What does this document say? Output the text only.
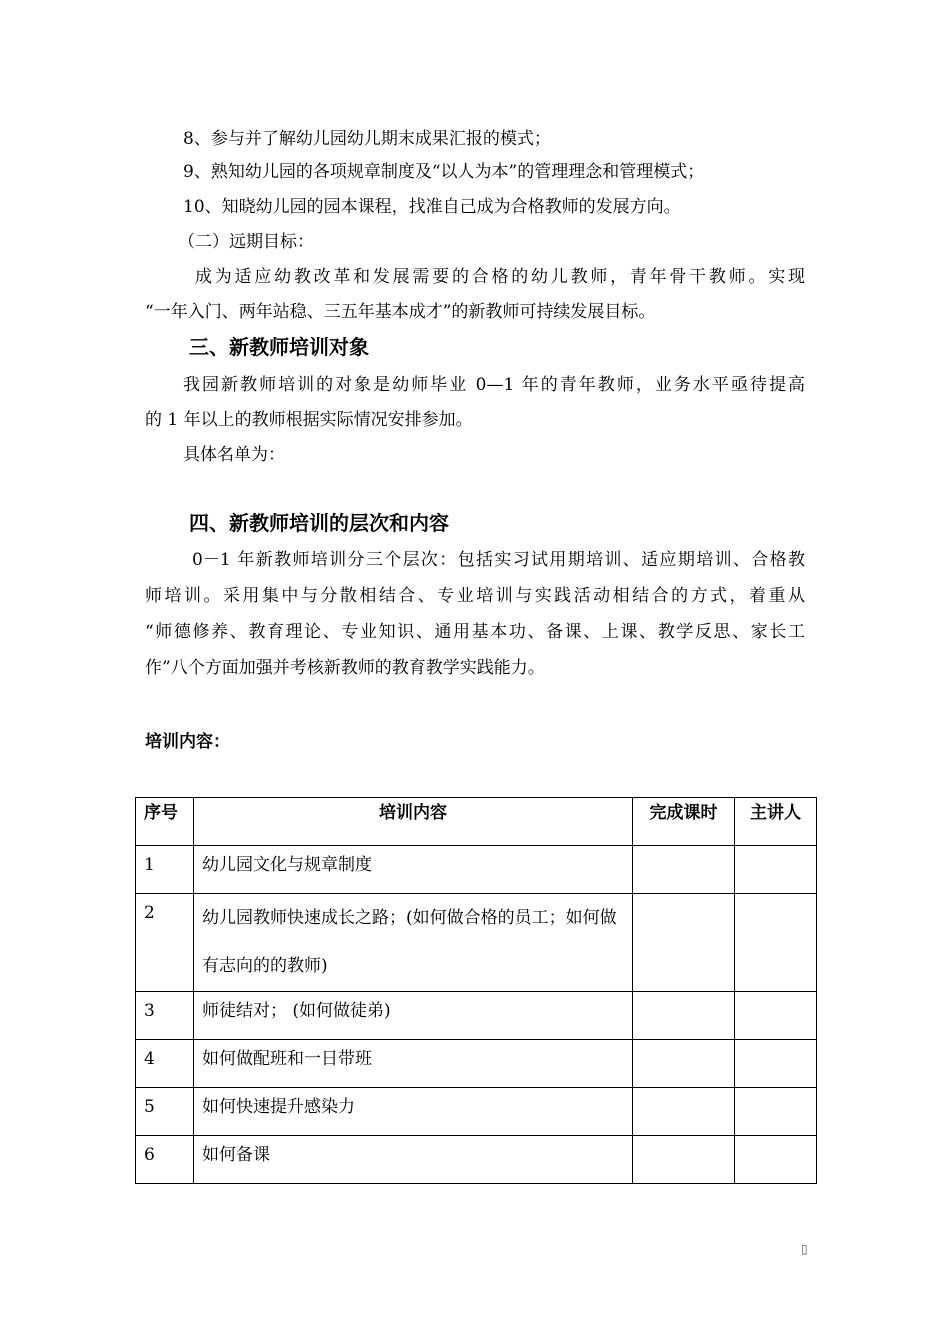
8、参与并了解幼儿园幼儿期末成果汇报的模式；
9、熟知幼儿园的各项规章制度及“以人为本”的管理理念和管理模式；
10、知晓幼儿园的园本课程，找准自己成为合格教师的发展方向。
（二）远期目标：
成为适应幼教改革和发展需要的合格的幼儿教师，青年骨干教师。实现
“一年入门、两年站稳、三五年基本成才”的新教师可持续发展目标。
三、新教师培训对象
我园新教师培训的对象是幼师毕业 0—1 年的青年教师，业务水平亟待提高
的 1 年以上的教师根据实际情况安排参加。
具体名单为：
四、新教师培训的层次和内容
0－1 年新教师培训分三个层次：包括实习试用期培训、适应期培训、合格教
师培训。采用集中与分散相结合、专业培训与实践活动相结合的方式，着重从
“师德修养、教育理论、专业知识、通用基本功、备课、上课、教学反思、家长工
作”八个方面加强并考核新教师的教育教学实践能力。
培训内容：
序号	培训内容	完成课时	主讲人
1	幼儿园文化与规章制度		
2	幼儿园教师快速成长之路；(如何做合格的员工；如何做有志向的的教师)		
3	师徒结对； (如何做徒弟)		
4	如何做配班和一日带班		
5	如何快速提升感染力		
6	如何备课		
▯
